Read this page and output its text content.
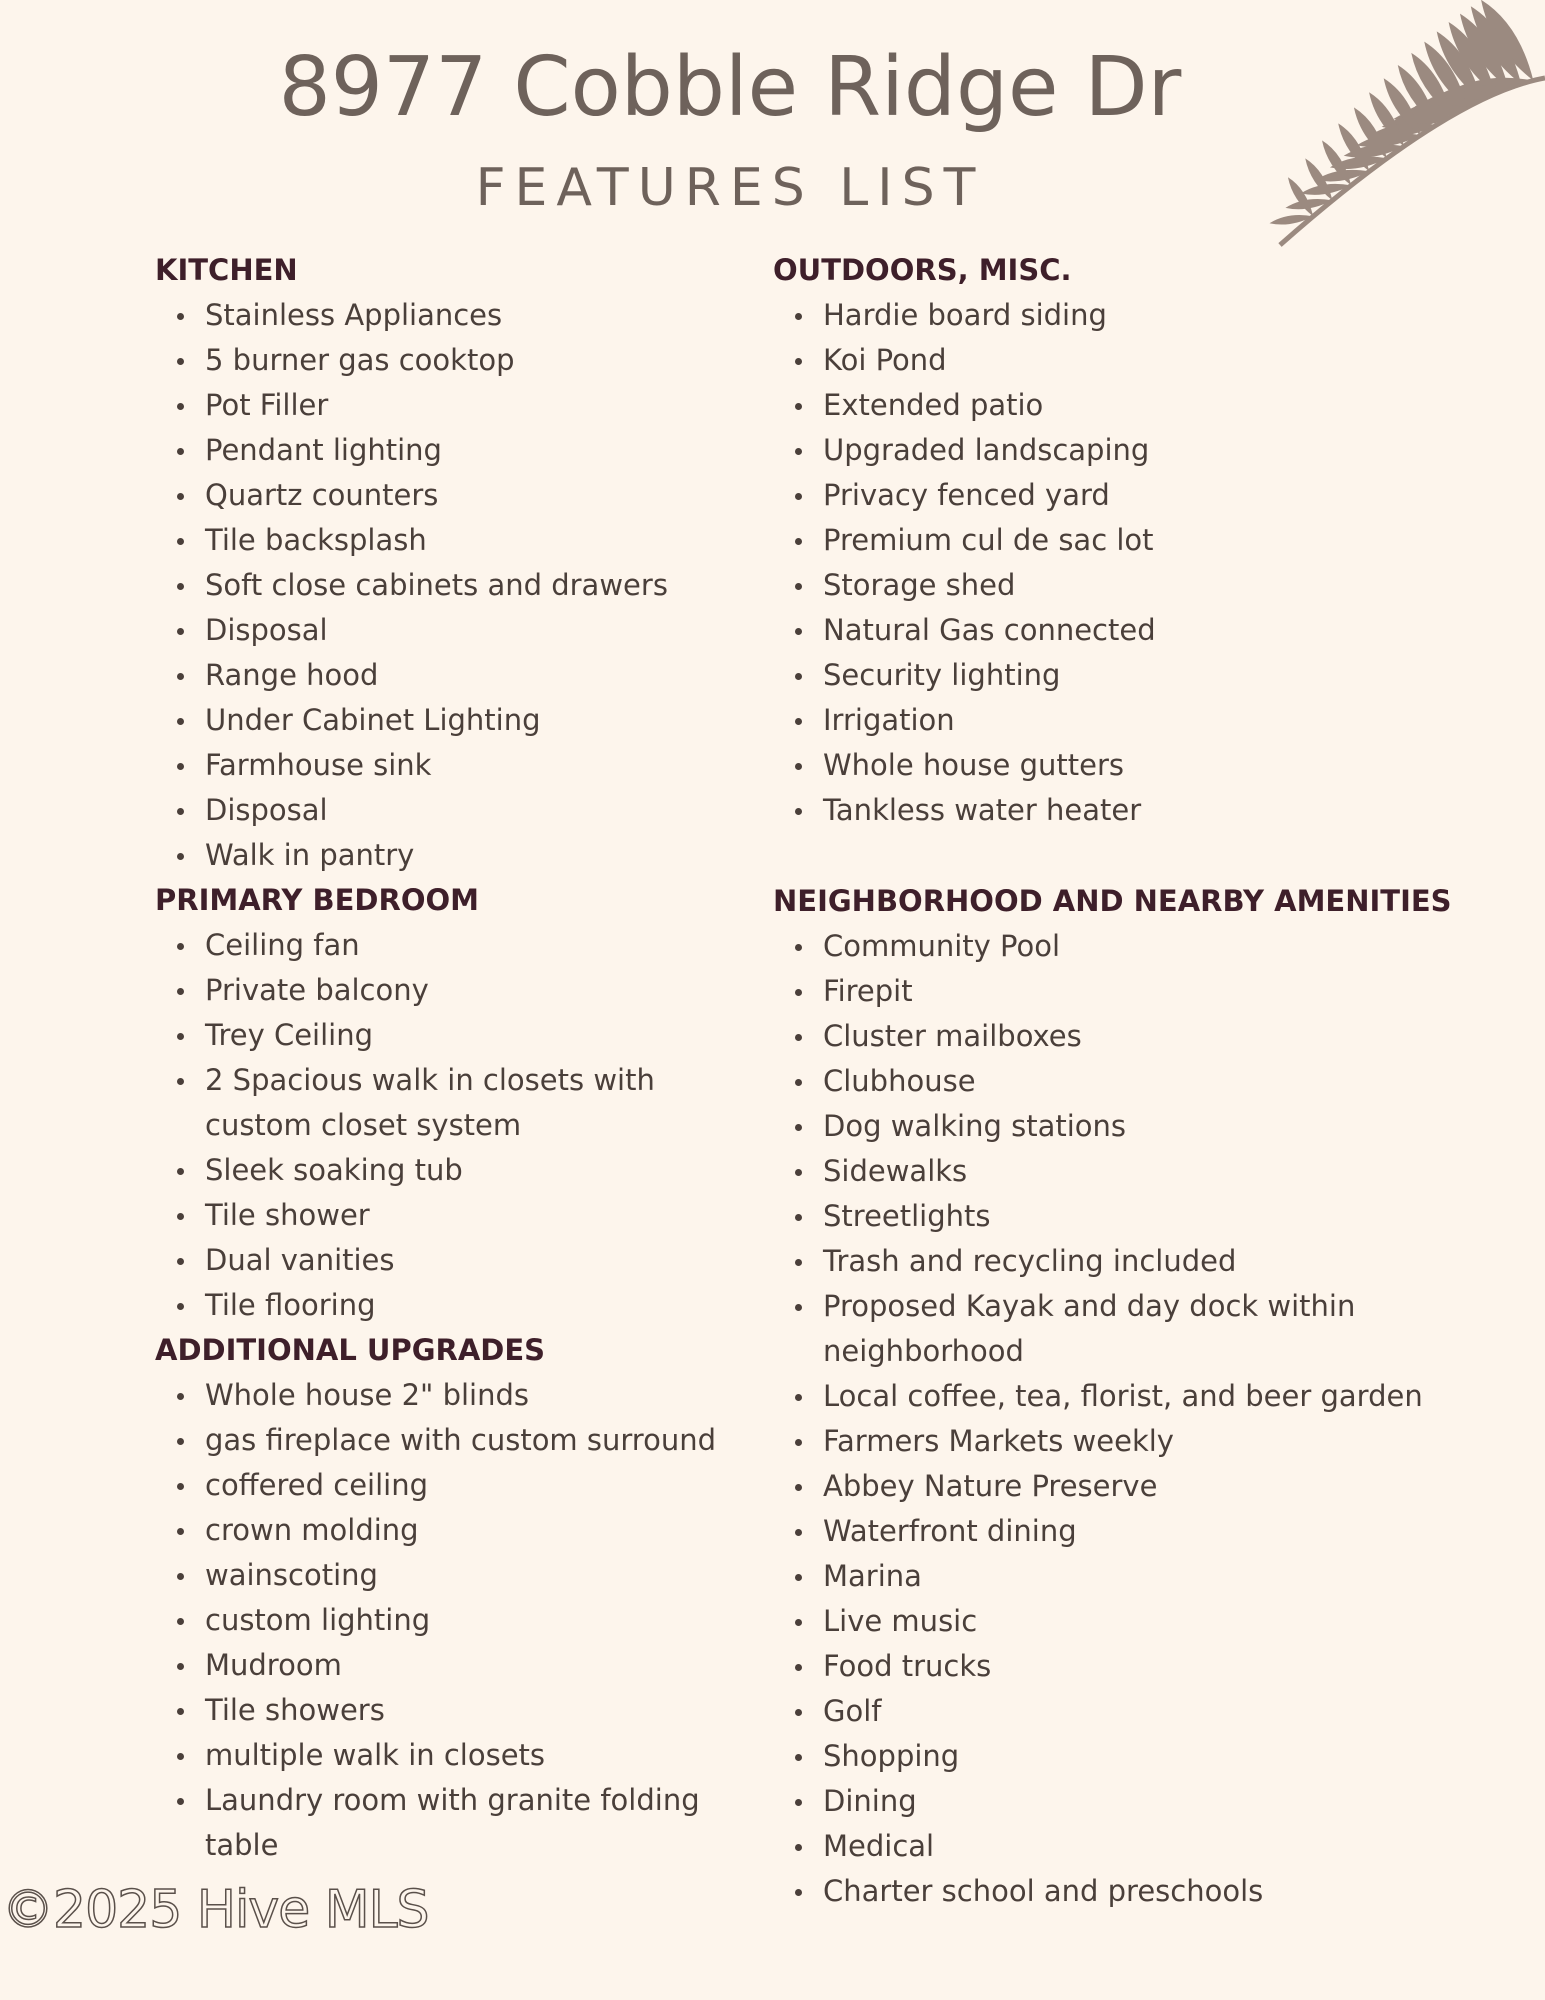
8977 Cobble Ridge Dr
FEATURES LIST
KITCHEN
Stainless Appliances
5 burner gas cooktop
Pot Filler
Pendant lighting
Quartz counters
Tile backsplash
Soft close cabinets and drawers
Disposal
Range hood
Under Cabinet Lighting
Farmhouse sink
Disposal
Walk in pantry
PRIMARY BEDROOM
Ceiling fan
Private balcony
Trey Ceiling
2 Spacious walk in closets with custom closet system
Sleek soaking tub
Tile shower
Dual vanities
Tile flooring
ADDITIONAL UPGRADES
Whole house 2" blinds
gas fireplace with custom surround
coffered ceiling
crown molding
wainscoting
custom lighting
Mudroom
Tile showers
multiple walk in closets
Laundry room with granite folding table
OUTDOORS, MISC.
Hardie board siding
Koi Pond
Extended patio
Upgraded landscaping
Privacy fenced yard
Premium cul de sac lot
Storage shed
Natural Gas connected
Security lighting
Irrigation
Whole house gutters
Tankless water heater
NEIGHBORHOOD AND NEARBY AMENITIES
Community Pool
Firepit
Cluster mailboxes
Clubhouse
Dog walking stations
Sidewalks
Streetlights
Trash and recycling included
Proposed Kayak and day dock within neighborhood
Local coffee, tea, florist, and beer garden
Farmers Markets weekly
Abbey Nature Preserve
Waterfront dining
Marina
Live music
Food trucks
Golf
Shopping
Dining
Medical
Charter school and preschools
©2025 Hive MLS
